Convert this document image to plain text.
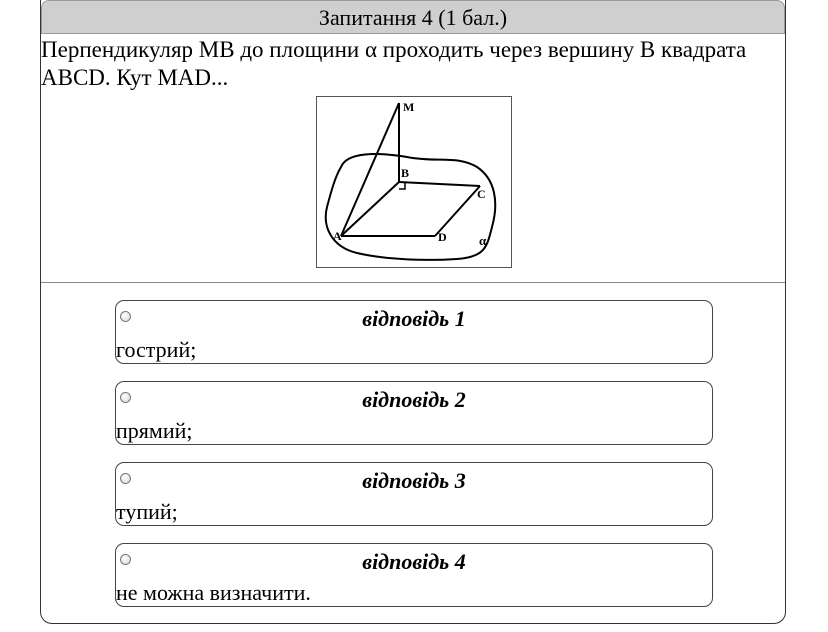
Запитання 4 (1 бал.)
Перпендикуляр MB до площини α проходить через вершину B квадрата ABCD. Кут MAD...
M
B
C
A	D α
відповідь 1
гострий;
відповідь 2
прямий;
відповідь 3
тупий;
відповідь 4
не можна визначити.
